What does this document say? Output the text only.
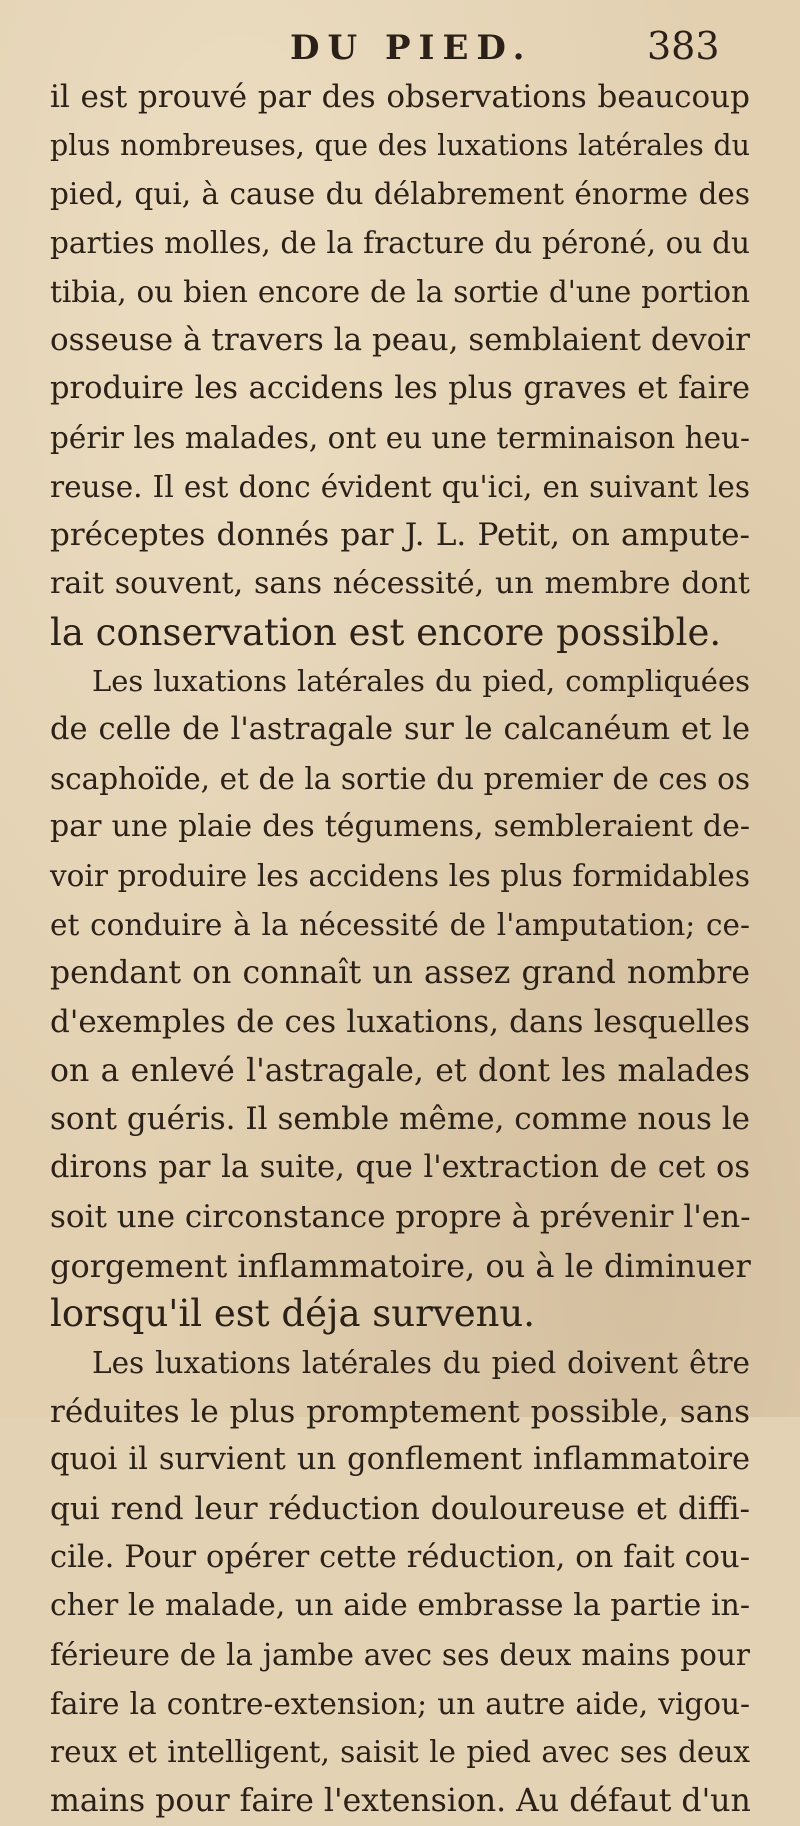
DU PIED.	383
il est prouvé par des observations beaucoup
plus nombreuses, que des luxations latérales du
pied, qui, à cause du délabrement énorme des
parties molles, de la fracture du péroné, ou du
tibia, ou bien encore de la sortie d'une portion
osseuse à travers la peau, semblaient devoir
produire les accidens les plus graves et faire
périr les malades, ont eu une terminaison heu-
reuse. Il est donc évident qu'ici, en suivant les
préceptes donnés par J. L. Petit, on ampute-
rait souvent, sans nécessité, un membre dont
la conservation est encore possible.
Les luxations latérales du pied, compliquées
de celle de l'astragale sur le calcanéum et le
scaphoïde, et de la sortie du premier de ces os
par une plaie des tégumens, sembleraient de-
voir produire les accidens les plus formidables
et conduire à la nécessité de l'amputation; ce-
pendant on connaît un assez grand nombre
d'exemples de ces luxations, dans lesquelles
on a enlevé l'astragale, et dont les malades
sont guéris. Il semble même, comme nous le
dirons par la suite, que l'extraction de cet os
soit une circonstance propre à prévenir l'en-
gorgement inflammatoire, ou à le diminuer
lorsqu'il est déja survenu.
Les luxations latérales du pied doivent être
réduites le plus promptement possible, sans
quoi il survient un gonflement inflammatoire
qui rend leur réduction douloureuse et diffi-
cile. Pour opérer cette réduction, on fait cou-
cher le malade, un aide embrasse la partie in-
férieure de la jambe avec ses deux mains pour
faire la contre-extension; un autre aide, vigou-
reux et intelligent, saisit le pied avec ses deux
mains pour faire l'extension. Au défaut d'un
